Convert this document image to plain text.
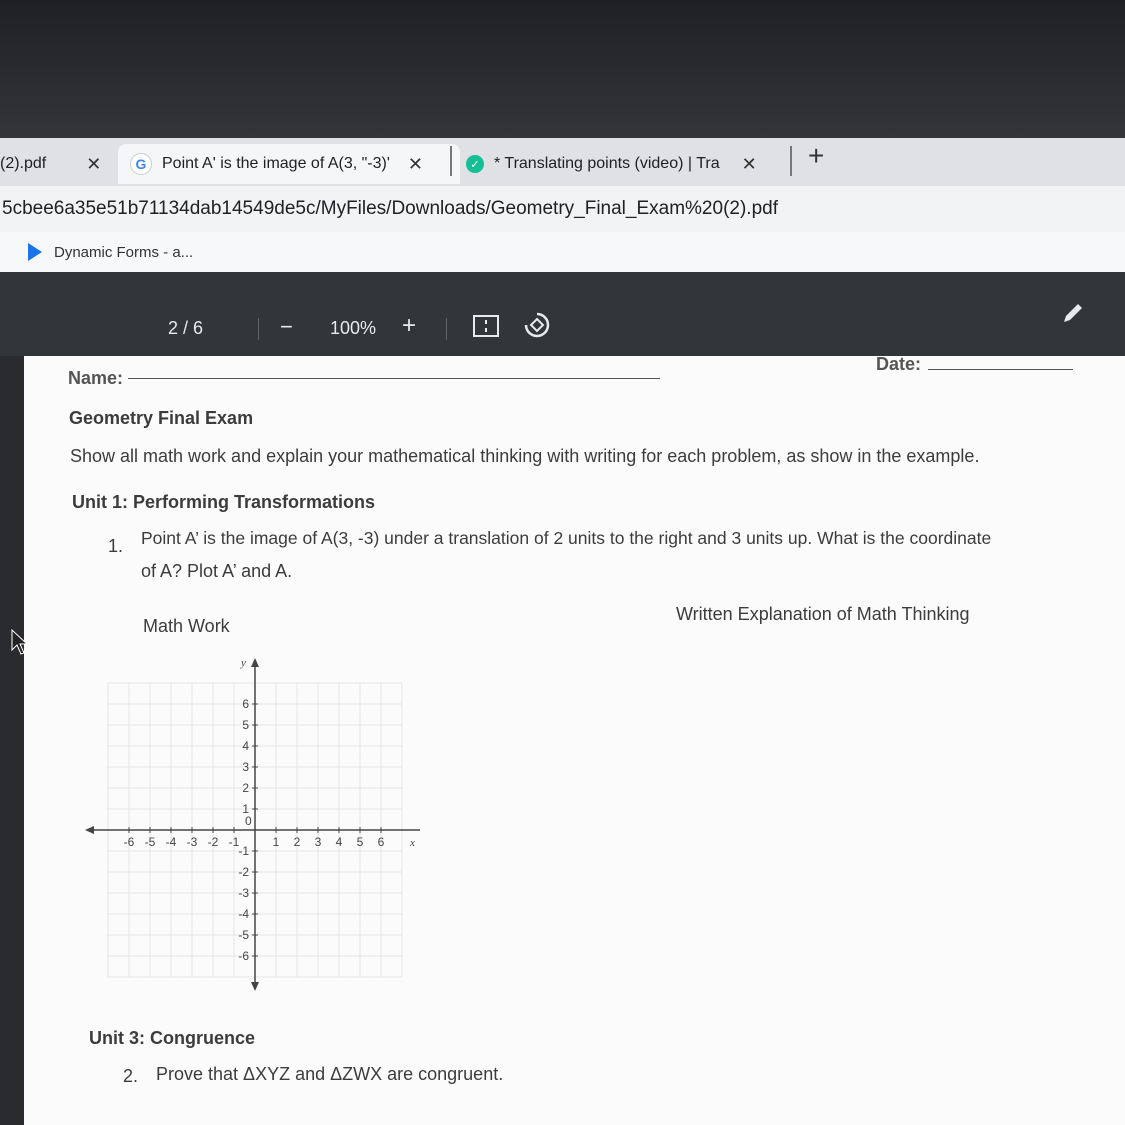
(2).pdf ✕	G Point A' is the image of A(3, "-3)' ✕	✓ * Translating points (video) | Tra ✕ +
5cbee6a35e51b71134dab14549de5c/MyFiles/Downloads/Geometry_Final_Exam%20(2).pdf
Dynamic Forms - a...
2 / 6	− 100% +
Name:
Date:
Geometry Final Exam
Show all math work and explain your mathematical thinking with writing for each problem, as show in the example.
Unit 1: Performing Transformations
1. Point A’ is the image of A(3, -3) under a translation of 2 units to the right and 3 units up. What is the coordinate
of A? Plot A’ and A.
Math Work
Written Explanation of Math Thinking
-6 -5 -4 -3 -2 -1	1 2 3 4 5 6
6
5
4
3
2
1
-1
-2
-3
-4
-5
-6
0
x
y
Unit 3: Congruence
2. Prove that ΔXYZ and ΔZWX are congruent.
